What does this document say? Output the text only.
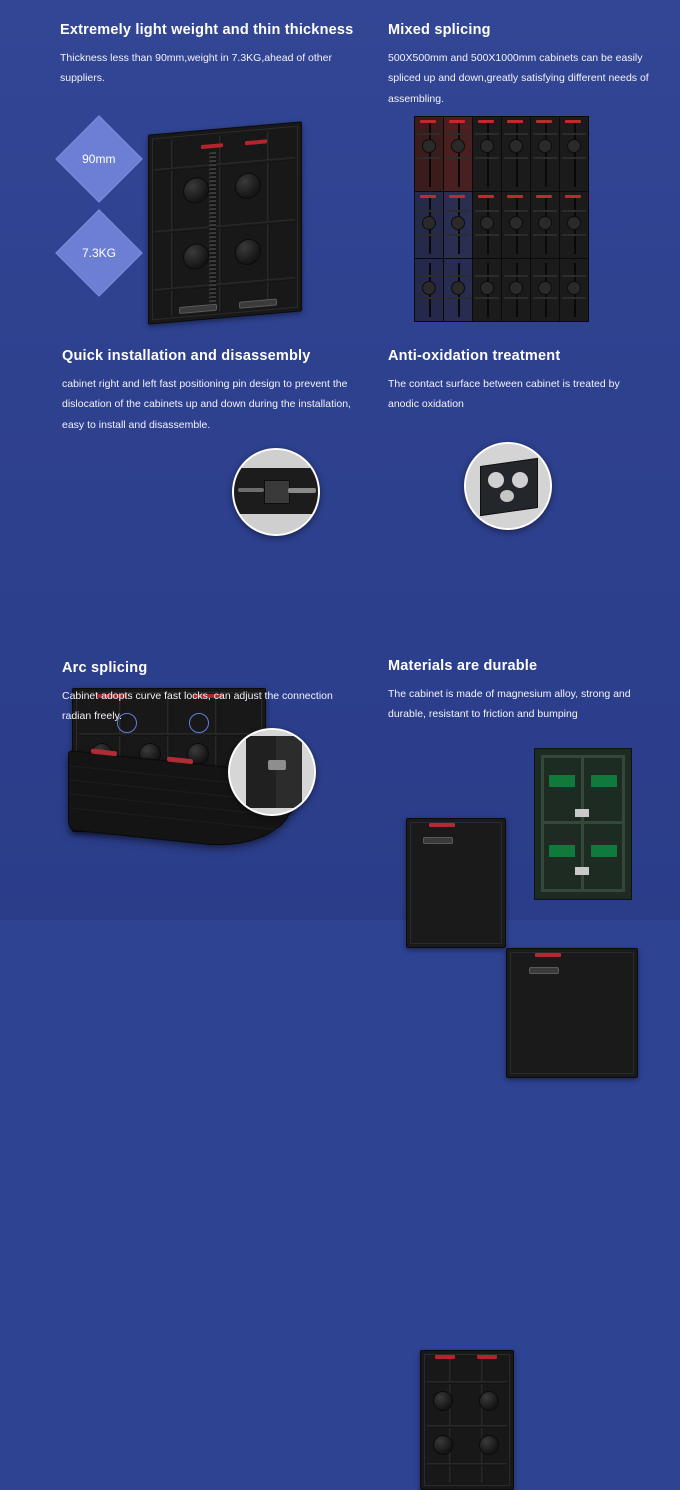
Extremely light weight and thin thickness

Thickness less than 90mm,weight in 7.3KG,ahead of other suppliers.

90mm
7.3KG
Mixed splicing

500X500mm and 500X1000mm cabinets can be easily spliced up and down,greatly satisfying different needs of assembling.

Quick installation and disassembly

cabinet right and left fast positioning pin design to prevent the dislocation of the cabinets up and down during the installation, easy to install and disassemble.

Anti-oxidation treatment

The contact surface between cabinet is treated by anodic oxidation

Arc splicing

Cabinet adopts curve fast locks, can adjust the connection radian freely.

Materials are durable

The cabinet is made of magnesium alloy, strong and durable, resistant to friction and bumping
